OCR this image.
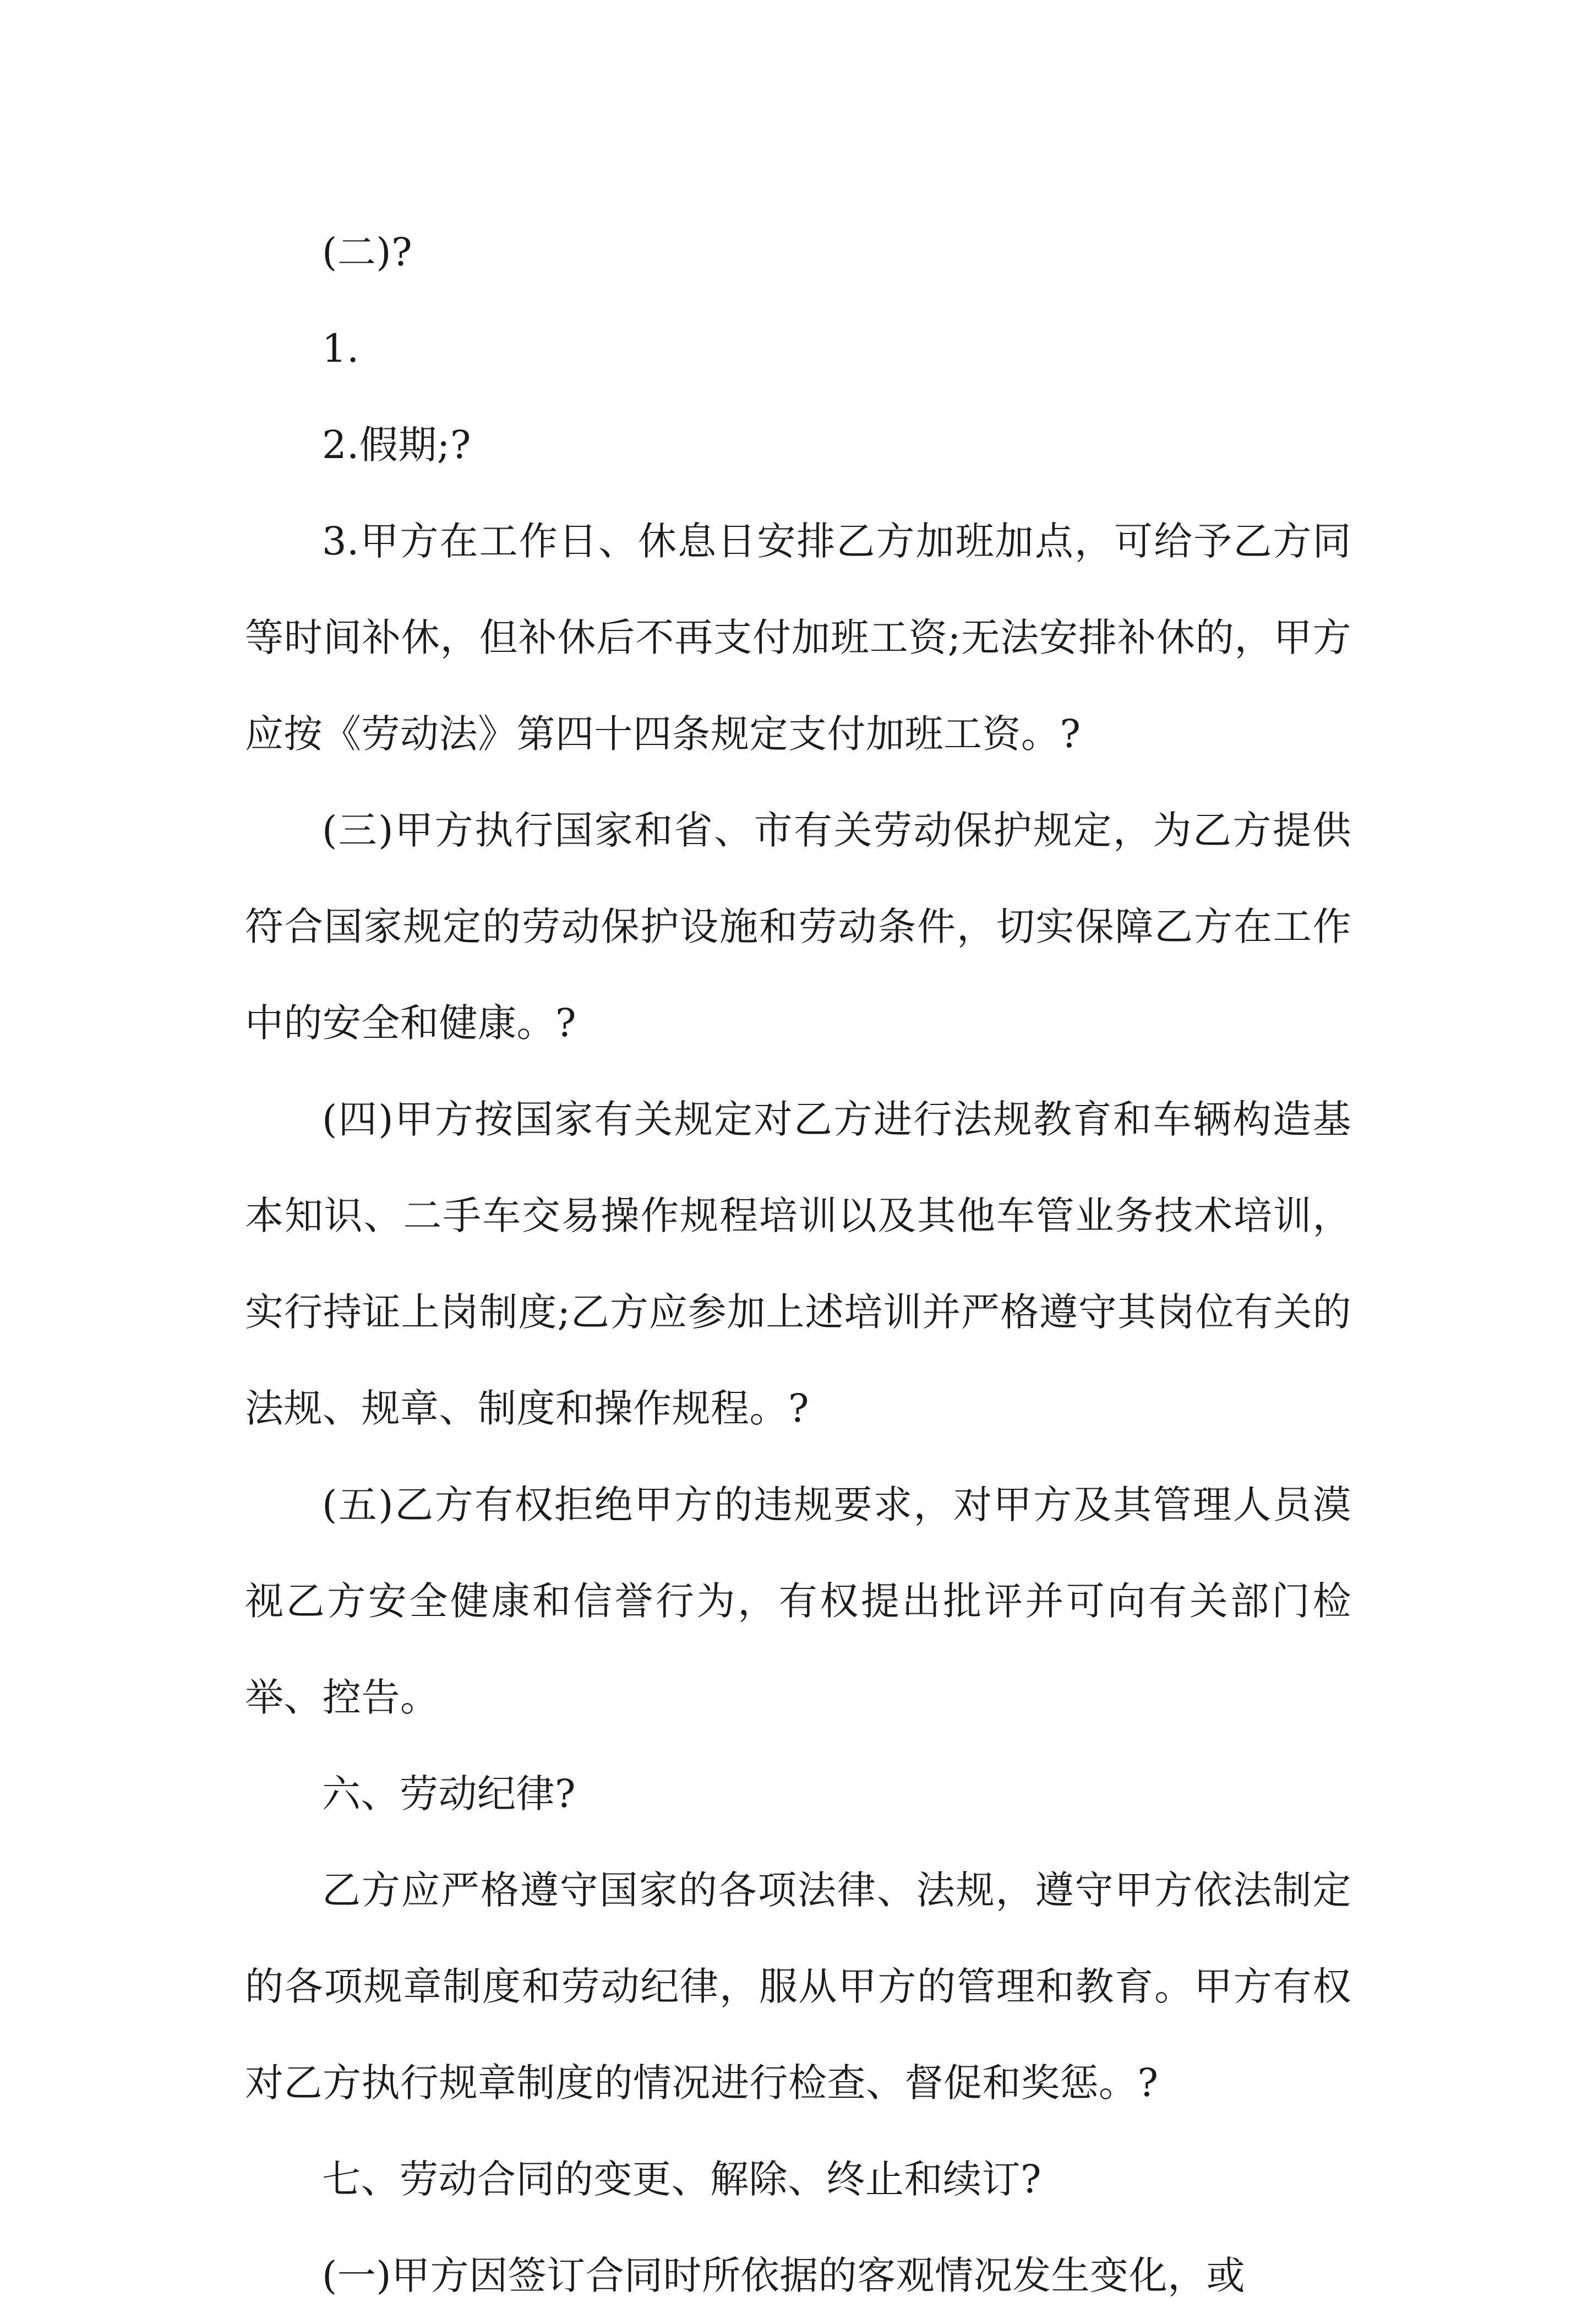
(二)?

1.

2.假期;?

3.甲方在工作日、休息日安排乙方加班加点，可给予乙方同等时间补休，但补休后不再支付加班工资;无法安排补休的，甲方应按《劳动法》第四十四条规定支付加班工资。?

(三)甲方执行国家和省、市有关劳动保护规定，为乙方提供符合国家规定的劳动保护设施和劳动条件，切实保障乙方在工作中的安全和健康。?

(四)甲方按国家有关规定对乙方进行法规教育和车辆构造基本知识、二手车交易操作规程培训以及其他车管业务技术培训，实行持证上岗制度;乙方应参加上述培训并严格遵守其岗位有关的法规、规章、制度和操作规程。?

(五)乙方有权拒绝甲方的违规要求，对甲方及其管理人员漠视乙方安全健康和信誉行为，有权提出批评并可向有关部门检举、控告。

六、劳动纪律?

乙方应严格遵守国家的各项法律、法规，遵守甲方依法制定的各项规章制度和劳动纪律，服从甲方的管理和教育。甲方有权对乙方执行规章制度的情况进行检查、督促和奖惩。?

七、劳动合同的变更、解除、终止和续订?

(一)甲方因签订合同时所依据的客观情况发生变化，或
